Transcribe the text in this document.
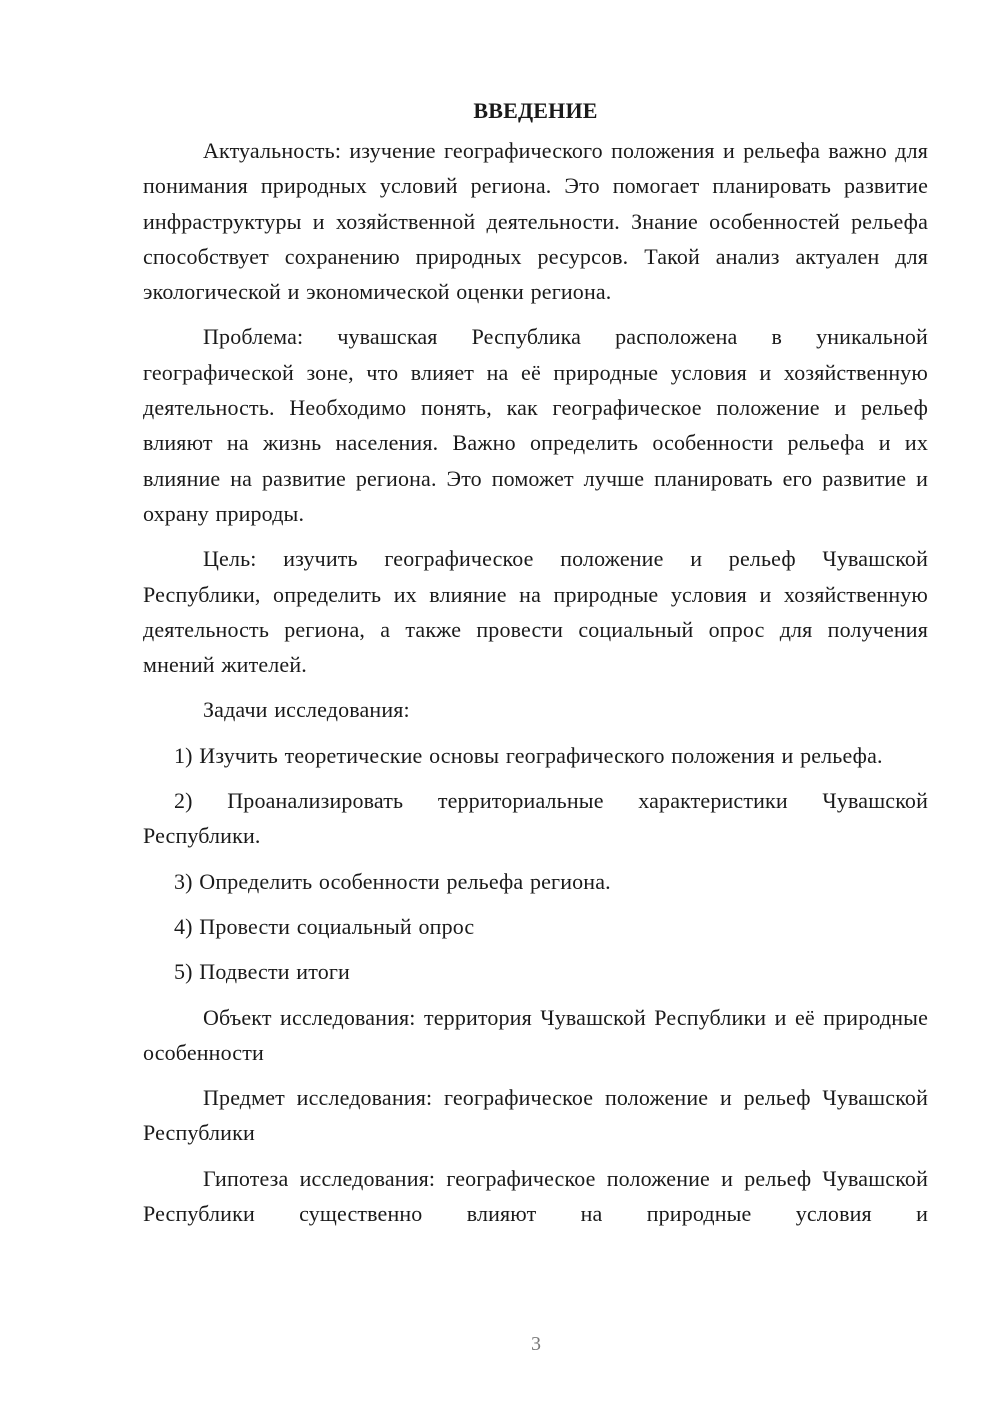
ВВЕДЕНИЕ

Актуальность: изучение географического положения и рельефа важно для понимания природных условий региона. Это помогает планировать развитие инфраструктуры и хозяйственной деятельности. Знание особенностей рельефа способствует сохранению природных ресурсов. Такой анализ актуален для экологической и экономической оценки региона.

Проблема: чувашская Республика расположена в уникальной географической зоне, что влияет на её природные условия и хозяйственную деятельность. Необходимо понять, как географическое положение и рельеф влияют на жизнь населения. Важно определить особенности рельефа и их влияние на развитие региона. Это поможет лучше планировать его развитие и охрану природы.

Цель: изучить географическое положение и рельеф Чувашской Республики, определить их влияние на природные условия и хозяйственную деятельность региона, а также провести социальный опрос для получения мнений жителей.

Задачи исследования:

1) Изучить теоретические основы географического положения и рельефа.

2) Проанализировать территориальные характеристики Чувашской Республики.

3) Определить особенности рельефа региона.

4) Провести социальный опрос

5) Подвести итоги

Объект исследования: территория Чувашской Республики и её природные особенности

Предмет исследования: географическое положение и рельеф Чувашской Республики

Гипотеза исследования: географическое положение и рельеф Чувашской Республики существенно влияют на природные условия и

3
